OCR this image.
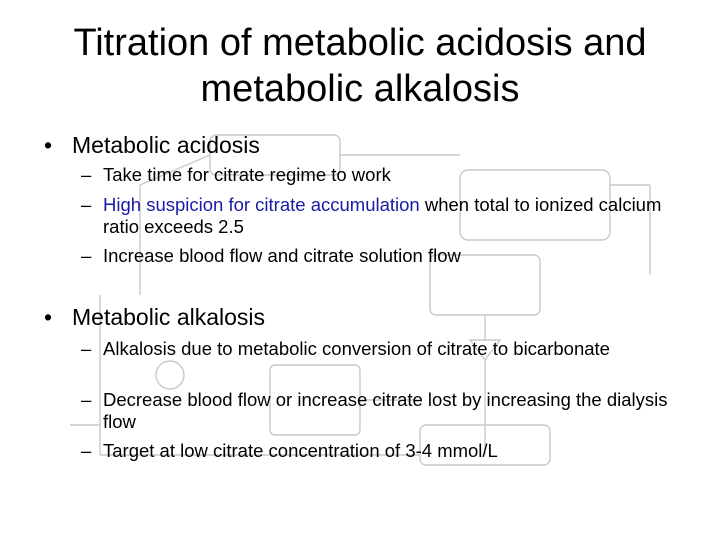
Titration of metabolic acidosis and
metabolic alkalosis
• Metabolic acidosis
– Take time for citrate regime to work
– High suspicion for citrate accumulation when total to ionized calcium ratio exceeds 2.5
– Increase blood flow and citrate solution flow
• Metabolic alkalosis
– Alkalosis due to metabolic conversion of citrate to bicarbonate
– Decrease blood flow or increase citrate lost by increasing the dialysis flow
– Target at low citrate concentration of 3-4 mmol/L
